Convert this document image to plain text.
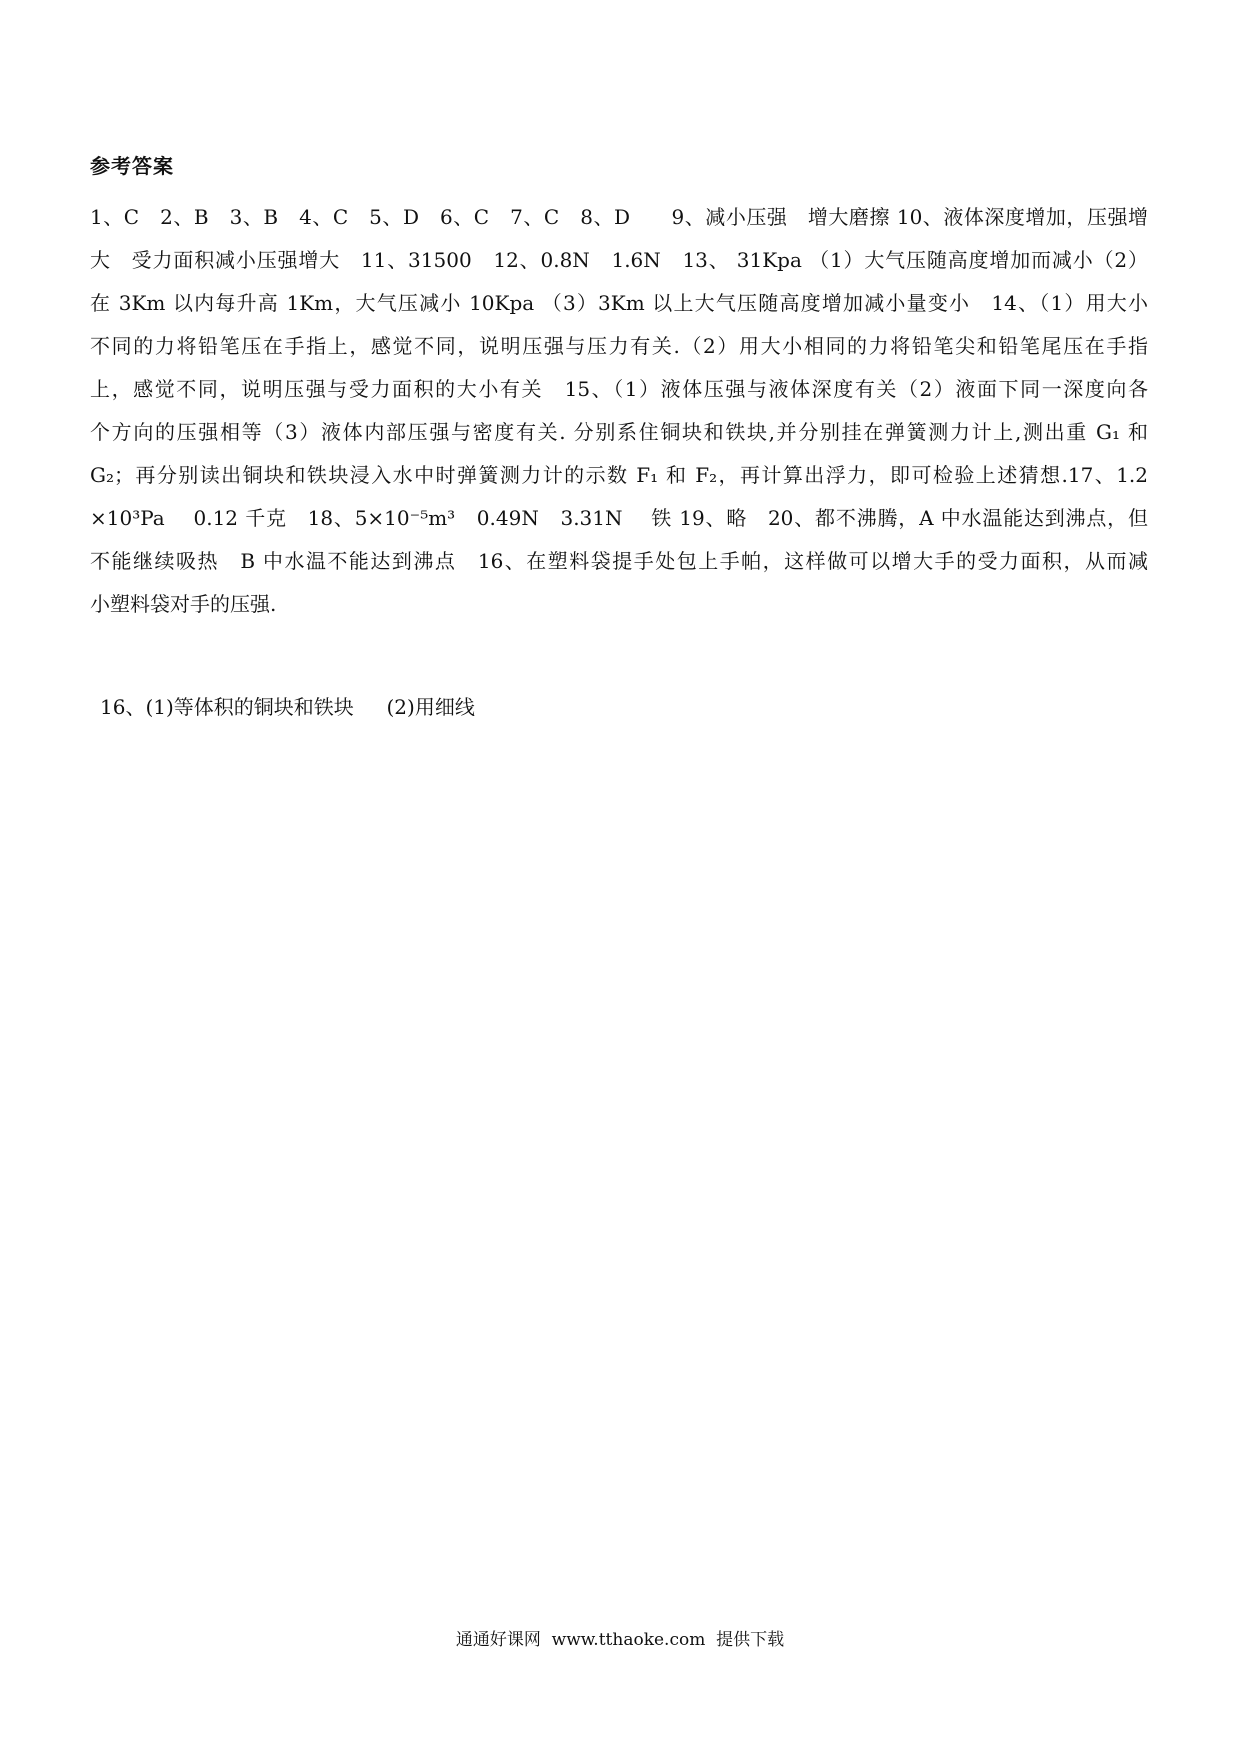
参考答案
1、C　2、B　3、B　4、C　5、D　6、C　7、C　8、D　　9、减小压强　增大磨擦 10、液体深度增加，压强增
大　受力面积减小压强增大　11、31500　12、0.8N　1.6N　13、 31Kpa （1）大气压随高度增加而减小（2）
在 3Km 以内每升高 1Km，大气压减小 10Kpa （3）3Km 以上大气压随高度增加减小量变小　14、（1）用大小
不同的力将铅笔压在手指上，感觉不同，说明压强与压力有关.（2）用大小相同的力将铅笔尖和铅笔尾压在手指
上，感觉不同，说明压强与受力面积的大小有关　15、（1）液体压强与液体深度有关（2）液面下同一深度向各
个方向的压强相等（3）液体内部压强与密度有关. 分别系住铜块和铁块,并分别挂在弹簧测力计上,测出重 G₁ 和
G₂；再分别读出铜块和铁块浸入水中时弹簧测力计的示数 F₁ 和 F₂，再计算出浮力，即可检验上述猜想.17、1.2
×10³Pa　 0.12 千克　18、5×10⁻⁵m³　0.49N　3.31N　 铁 19、略　20、都不沸腾，A 中水温能达到沸点，但
不能继续吸热　B 中水温不能达到沸点　16、在塑料袋提手处包上手帕，这样做可以增大手的受力面积，从而减
小塑料袋对手的压强.
16、(1)等体积的铜块和铁块　  (2)用细线
通通好课网  www.tthaoke.com  提供下载
